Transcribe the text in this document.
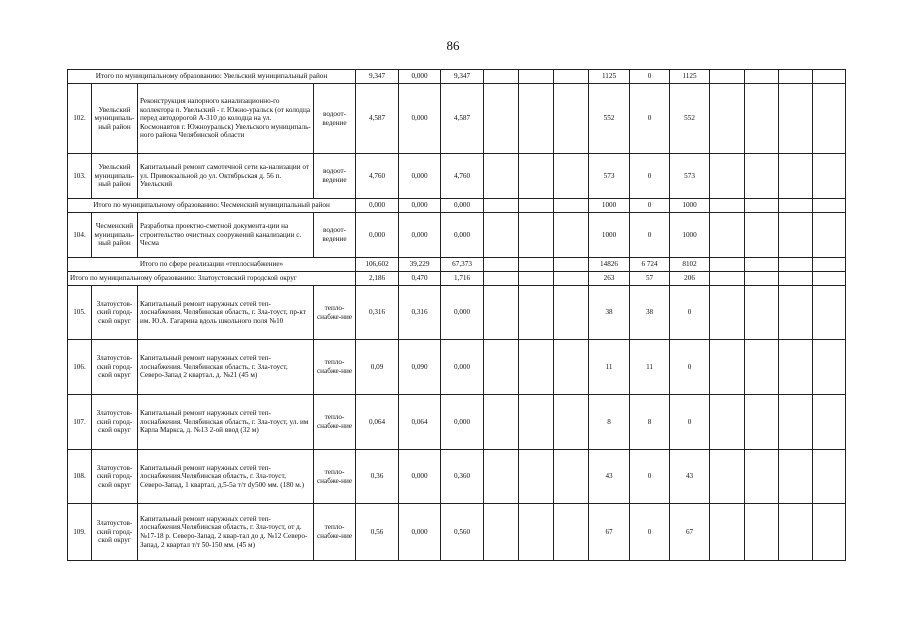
86
Итого по муниципальному образованию: Увельский муниципальный район				9,347	0,000	9,347				1125	0	1125				
102.	Увельский муниципаль-ный район	Реконструкция напорного канализационно-го коллектора п. Увельский - г. Южно-уральск (от колодца перед автодорогой А-310 до колодца на ул. Космонавтов г. Южноуральск) Увельского муниципаль-ного района Челябинской области	водоот-ведение	4,587	0,000	4,587				552	0	552				
103.	Увельский муниципаль-ный район	Капитальный ремонт самотечной сети ка-нализации от ул. Привокзальной до ул. Октябрьская д. 56 п. Увельский	водоот-ведение	4,760	0,000	4,760				573	0	573				
Итого по муниципальному образованию: Чесменский муниципальный район				0,000	0,000	0,000				1000	0	1000				
104.	Чесменский муниципаль-ный район	Разработка проектно-сметной документа-ции на строительство очистных сооружений канализации с. Чесма	водоот-ведение	0,000	0,000	0,000				1000	0	1000				
Итого по сфере реализации «теплоснабжение»				106,602	39,229	67,373				14826	6 724	8102				
Итого по муниципальному образованию: Златоустовский городской округ				2,186	0,470	1,716				263	57	206				
105.	Златоустов-ский город-ской округ	Капитальный ремонт наружных сетей теп-лоснабжения. Челябинская область, г. Зла-тоуст, пр-кт им. Ю.А. Гагарина вдоль школьного поля №10	тепло-снабже-ние	0,316	0,316	0,000				38	38	0				
106.	Златоустов-ский город-ской округ	Капитальный ремонт наружных сетей теп-лоснабжения. Челябинская область, г. Зла-тоуст, Северо-Запад 2 квартал, д. №21 (45 м)	тепло-снабже-ние	0,09	0,090	0,000				11	11	0				
107.	Златоустов-ский город-ской округ	Капитальный ремонт наружных сетей теп-лоснабжения. Челябинская область, г. Зла-тоуст, ул. им Карла Маркса, д. №13 2-ой ввод (32 м)	тепло-снабже-ние	0,064	0,064	0,000				8	8	0				
108.	Златоустов-ский город-ской округ	Капитальный ремонт наружных сетей теп-лоснабжения.Челябинская область, г. Зла-тоуст, Северо-Запад, 1 квартал, д.5-5а т/т dу500 мм. (180 м.)	тепло-снабже-ние	0,36	0,000	0,360				43	0	43				
109.	Златоустов-ский город-ской округ	Капитальный ремонт наружных сетей теп-лоснабжения.Челябинская область, г. Зла-тоуст, от д. №17-18 р. Северо-Запад, 2 квар-тал до д. №12 Северо-Запад, 2 квартал т/т 50-150 мм. (45 м)	тепло-снабже-ние	0,56	0,000	0,560				67	0	67				
